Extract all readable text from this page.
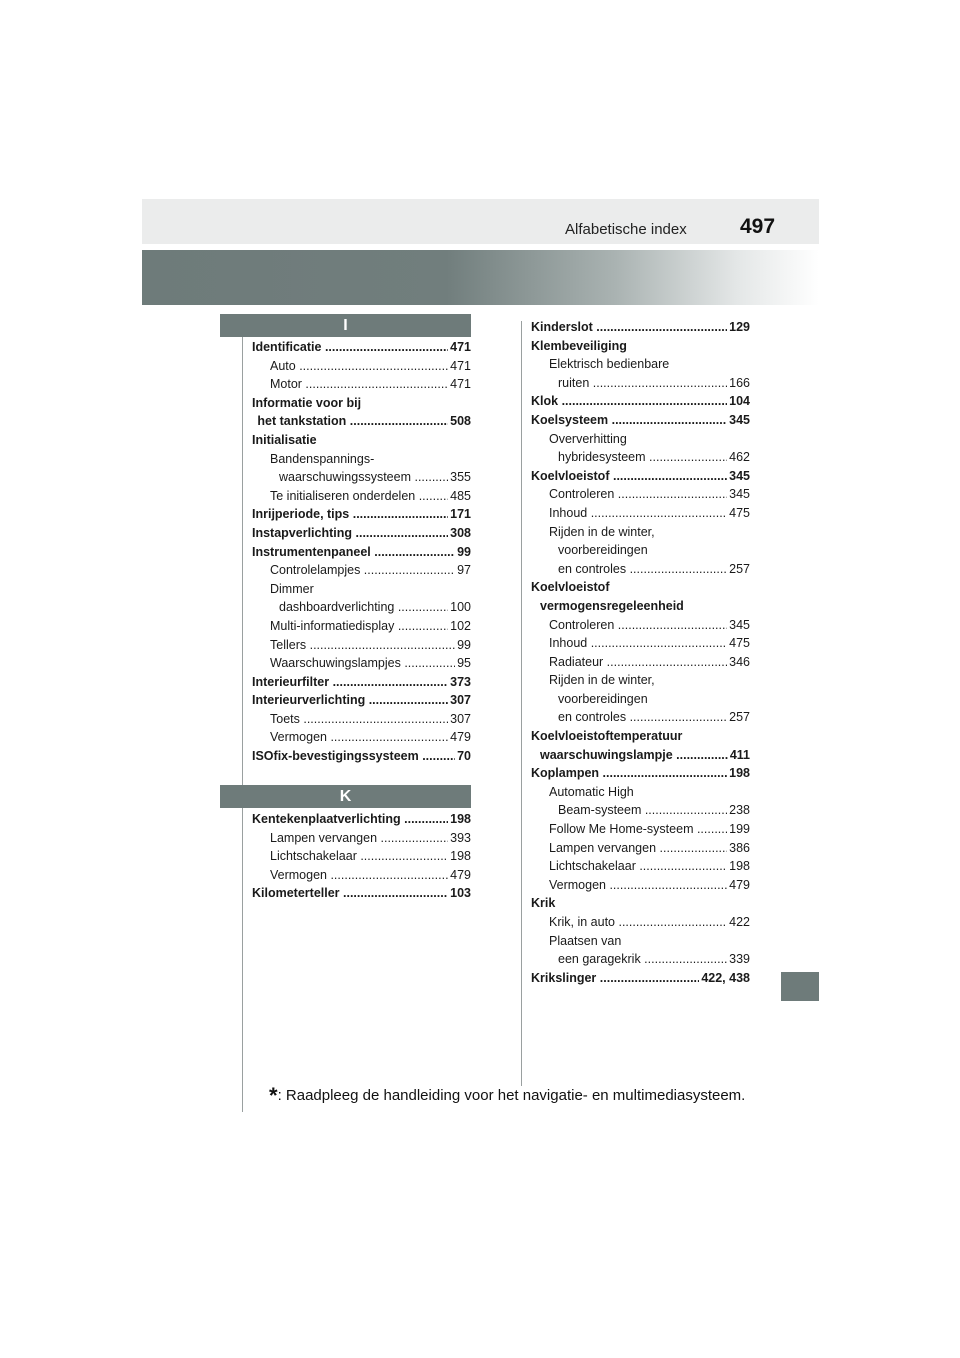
Alfabetische index	497
I
Identificatie .....	471
Auto .....	471
Motor .....	471
Informatie voor bij
het tankstation .....	508
Initialisatie
Bandenspannings-
waarschuwingssysteem .....	355
Te initialiseren onderdelen .....	485
Inrijperiode, tips .....	171
Instapverlichting .....	308
Instrumentenpaneel .....	99
Controlelampjes .....	97
Dimmer
dashboardverlichting .....	100
Multi-informatiedisplay .....	102
Tellers .....	99
Waarschuwingslampjes .....	95
Interieurfilter .....	373
Interieurverlichting .....	307
Toets .....	307
Vermogen .....	479
ISOfix-bevestigingssysteem .....	70
K
Kentekenplaatverlichting .....	198
Lampen vervangen .....	393
Lichtschakelaar .....	198
Vermogen .....	479
Kilometerteller .....	103
Kinderslot .....	129
Klembeveiliging
Elektrisch bedienbare
ruiten .....	166
Klok .....	104
Koelsysteem .....	345
Oververhitting
hybridesysteem .....	462
Koelvloeistof .....	345
Controleren .....	345
Inhoud .....	475
Rijden in de winter,
voorbereidingen
en controles .....	257
Koelvloeistof
vermogensregeleenheid
Controleren .....	345
Inhoud .....	475
Radiateur .....	346
Rijden in de winter,
voorbereidingen
en controles .....	257
Koelvloeistoftemperatuur
waarschuwingslampje .....	411
Koplampen .....	198
Automatic High
Beam-systeem .....	238
Follow Me Home-systeem .....	199
Lampen vervangen .....	386
Lichtschakelaar .....	198
Vermogen .....	479
Krik
Krik, in auto .....	422
Plaatsen van
een garagekrik .....	339
Krikslinger .....	422, 438
*: Raadpleeg de handleiding voor het navigatie- en multimediasysteem.
